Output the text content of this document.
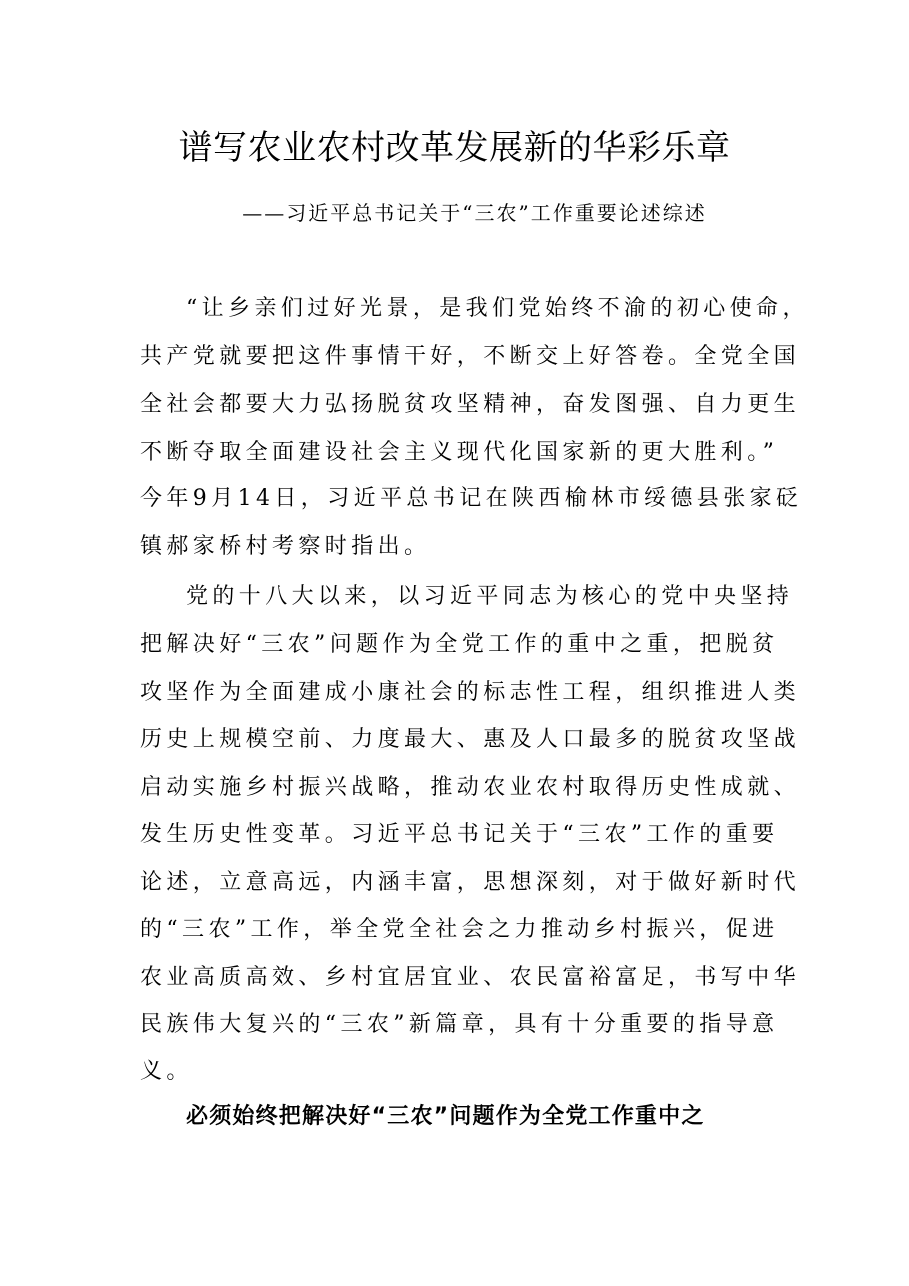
谱写农业农村改革发展新的华彩乐章
——习近平总书记关于“三农”工作重要论述综述
“让乡亲们过好光景，是我们党始终不渝的初心使命，
共产党就要把这件事情干好，不断交上好答卷。全党全国
全社会都要大力弘扬脱贫攻坚精神，奋发图强、自力更生
不断夺取全面建设社会主义现代化国家新的更大胜利。”
今年9月14日，习近平总书记在陕西榆林市绥德县张家砭
镇郝家桥村考察时指出。
党的十八大以来，以习近平同志为核心的党中央坚持
把解决好“三农”问题作为全党工作的重中之重，把脱贫
攻坚作为全面建成小康社会的标志性工程，组织推进人类
历史上规模空前、力度最大、惠及人口最多的脱贫攻坚战
启动实施乡村振兴战略，推动农业农村取得历史性成就、
发生历史性变革。习近平总书记关于“三农”工作的重要
论述，立意高远，内涵丰富，思想深刻，对于做好新时代
的“三农”工作，举全党全社会之力推动乡村振兴，促进
农业高质高效、乡村宜居宜业、农民富裕富足，书写中华
民族伟大复兴的“三农”新篇章，具有十分重要的指导意
义。
必须始终把解决好“三农”问题作为全党工作重中之
